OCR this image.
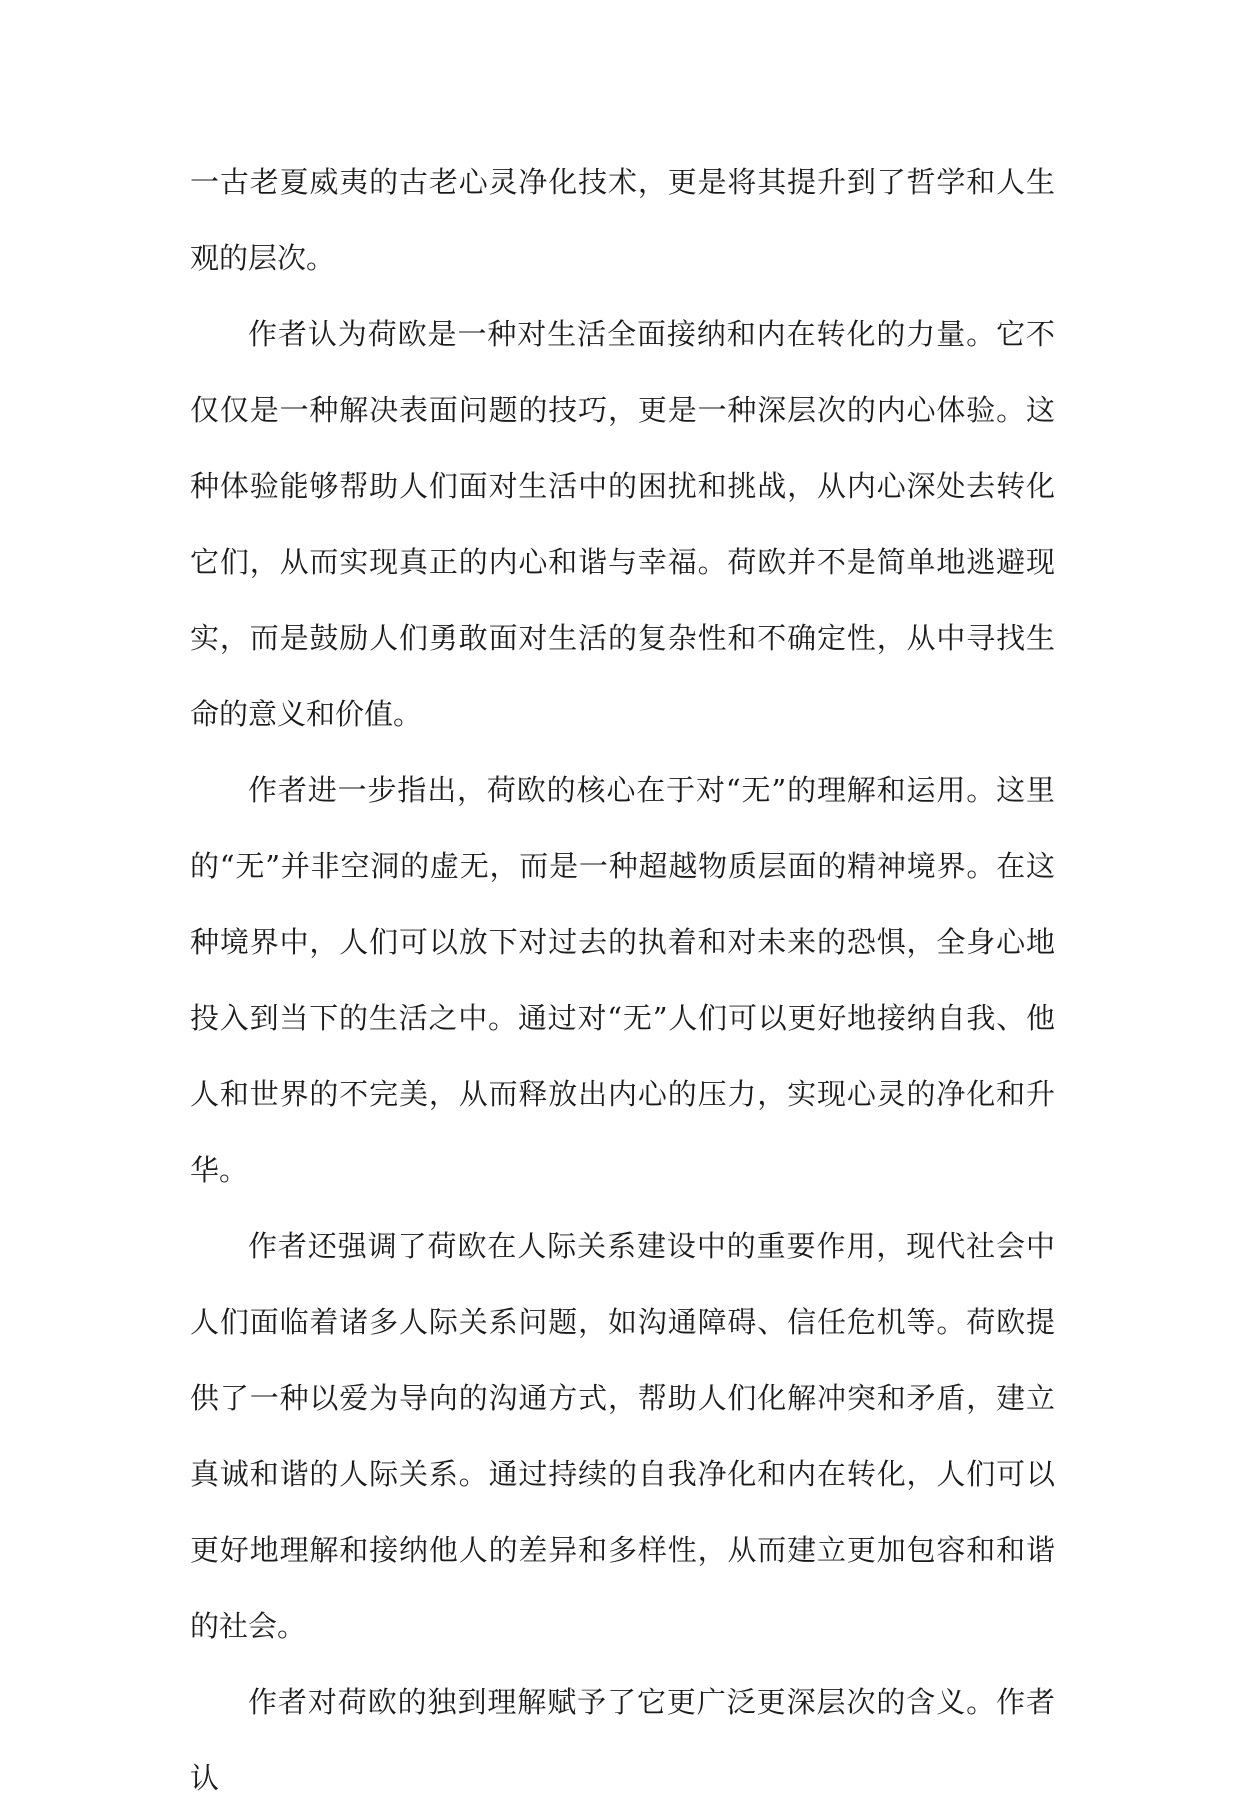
一古老夏威夷的古老心灵净化技术，更是将其提升到了哲学和人生观的层次。

作者认为荷欧是一种对生活全面接纳和内在转化的力量。它不仅仅是一种解决表面问题的技巧，更是一种深层次的内心体验。这种体验能够帮助人们面对生活中的困扰和挑战，从内心深处去转化它们，从而实现真正的内心和谐与幸福。荷欧并不是简单地逃避现实，而是鼓励人们勇敢面对生活的复杂性和不确定性，从中寻找生命的意义和价值。

作者进一步指出，荷欧的核心在于对“无”的理解和运用。这里的“无”并非空洞的虚无，而是一种超越物质层面的精神境界。在这种境界中，人们可以放下对过去的执着和对未来的恐惧，全身心地投入到当下的生活之中。通过对“无”人们可以更好地接纳自我、他人和世界的不完美，从而释放出内心的压力，实现心灵的净化和升华。

作者还强调了荷欧在人际关系建设中的重要作用，现代社会中人们面临着诸多人际关系问题，如沟通障碍、信任危机等。荷欧提供了一种以爱为导向的沟通方式，帮助人们化解冲突和矛盾，建立真诚和谐的人际关系。通过持续的自我净化和内在转化，人们可以更好地理解和接纳他人的差异和多样性，从而建立更加包容和和谐的社会。

作者对荷欧的独到理解赋予了它更广泛更深层次的含义。作者认
